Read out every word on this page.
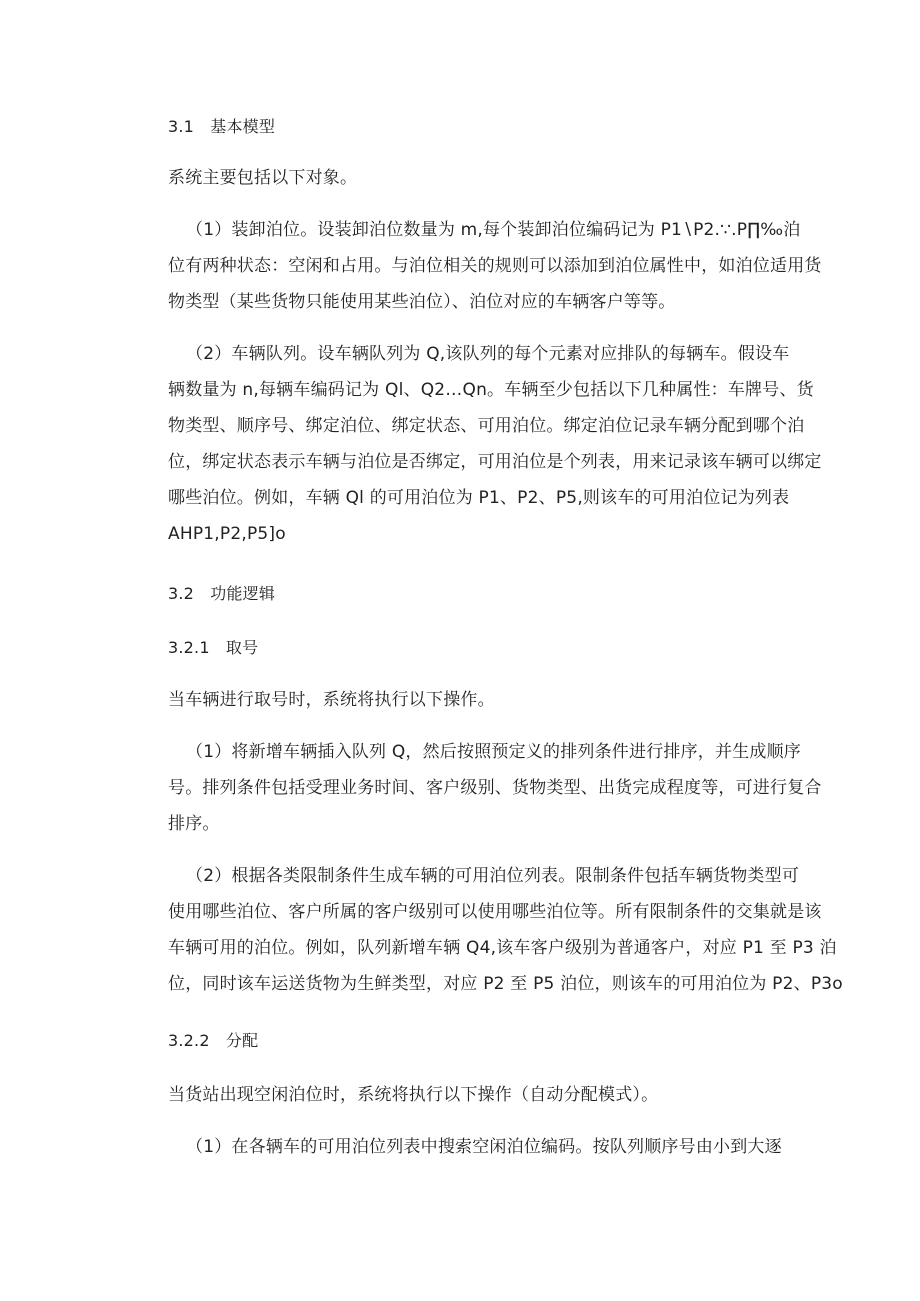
3.1　基本模型
系统主要包括以下对象。
（1）装卸泊位。设装卸泊位数量为 m,每个装卸泊位编码记为 P1∖P2.∵.P∏‰泊
位有两种状态：空闲和占用。与泊位相关的规则可以添加到泊位属性中，如泊位适用货
物类型（某些货物只能使用某些泊位）、泊位对应的车辆客户等等。
（2）车辆队列。设车辆队列为 Q,该队列的每个元素对应排队的每辆车。假设车
辆数量为 n,每辆车编码记为 Ql、Q2…Qn。车辆至少包括以下几种属性：车牌号、货
物类型、顺序号、绑定泊位、绑定状态、可用泊位。绑定泊位记录车辆分配到哪个泊
位，绑定状态表示车辆与泊位是否绑定，可用泊位是个列表，用来记录该车辆可以绑定
哪些泊位。例如，车辆 Ql 的可用泊位为 P1、P2、P5,则该车的可用泊位记为列表
AHP1,P2,P5]o
3.2　功能逻辑
3.2.1　取号
当车辆进行取号时，系统将执行以下操作。
（1）将新增车辆插入队列 Q，然后按照预定义的排列条件进行排序，并生成顺序
号。排列条件包括受理业务时间、客户级别、货物类型、出货完成程度等，可进行复合
排序。
（2）根据各类限制条件生成车辆的可用泊位列表。限制条件包括车辆货物类型可
使用哪些泊位、客户所属的客户级别可以使用哪些泊位等。所有限制条件的交集就是该
车辆可用的泊位。例如，队列新增车辆 Q4,该车客户级别为普通客户，对应 P1 至 P3 泊
位，同时该车运送货物为生鲜类型，对应 P2 至 P5 泊位，则该车的可用泊位为 P2、P3o
3.2.2　分配
当货站出现空闲泊位时，系统将执行以下操作（自动分配模式）。
（1）在各辆车的可用泊位列表中搜索空闲泊位编码。按队列顺序号由小到大逐
